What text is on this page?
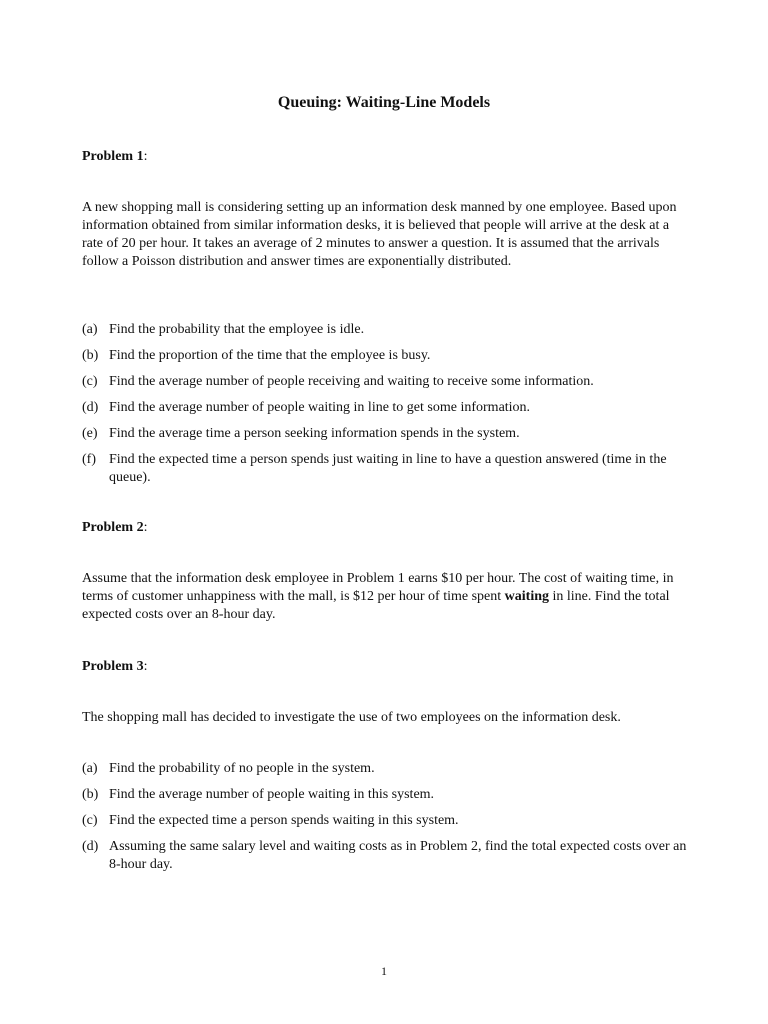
Queuing: Waiting-Line Models
Problem 1:
A new shopping mall is considering setting up an information desk manned by one employee. Based upon information obtained from similar information desks, it is believed that people will arrive at the desk at a rate of 20 per hour. It takes an average of 2 minutes to answer a question. It is assumed that the arrivals follow a Poisson distribution and answer times are exponentially distributed.
(a) Find the probability that the employee is idle.
(b) Find the proportion of the time that the employee is busy.
(c) Find the average number of people receiving and waiting to receive some information.
(d) Find the average number of people waiting in line to get some information.
(e) Find the average time a person seeking information spends in the system.
(f) Find the expected time a person spends just waiting in line to have a question answered (time in the queue).
Problem 2:
Assume that the information desk employee in Problem 1 earns $10 per hour. The cost of waiting time, in terms of customer unhappiness with the mall, is $12 per hour of time spent waiting in line. Find the total expected costs over an 8-hour day.
Problem 3:
The shopping mall has decided to investigate the use of two employees on the information desk.
(a) Find the probability of no people in the system.
(b) Find the average number of people waiting in this system.
(c) Find the expected time a person spends waiting in this system.
(d) Assuming the same salary level and waiting costs as in Problem 2, find the total expected costs over an 8-hour day.
1
